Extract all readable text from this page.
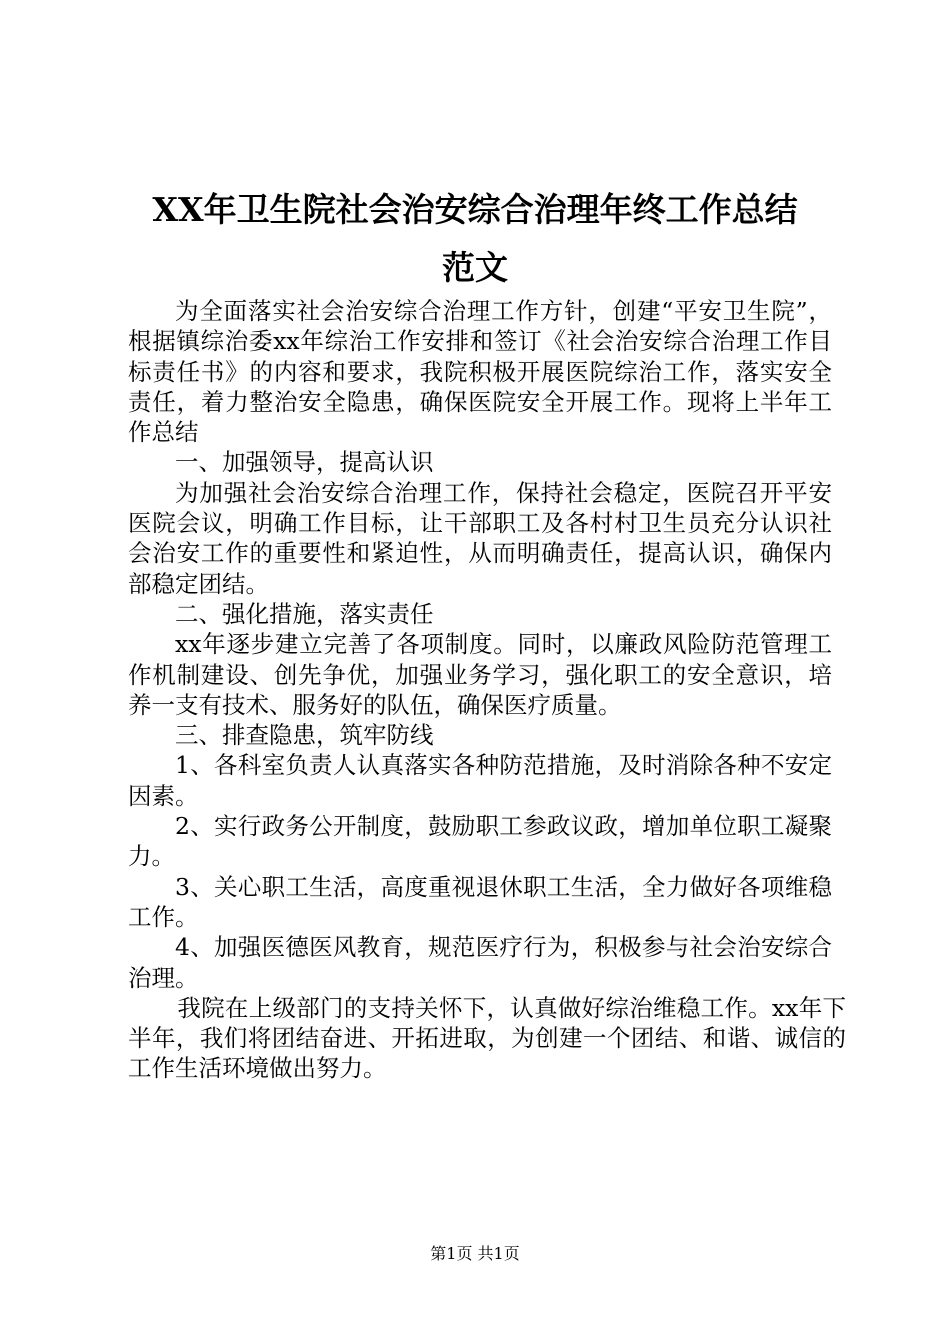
XX年卫生院社会治安综合治理年终工作总结
范文

为全面落实社会治安综合治理工作方针，创建“平安卫生院”，根据镇综治委xx年综治工作安排和签订《社会治安综合治理工作目标责任书》的内容和要求，我院积极开展医院综治工作，落实安全责任，着力整治安全隐患，确保医院安全开展工作。现将上半年工作总结

一、加强领导，提高认识

为加强社会治安综合治理工作，保持社会稳定，医院召开平安医院会议，明确工作目标，让干部职工及各村村卫生员充分认识社会治安工作的重要性和紧迫性，从而明确责任，提高认识，确保内部稳定团结。

二、强化措施，落实责任

xx年逐步建立完善了各项制度。同时，以廉政风险防范管理工作机制建设、创先争优，加强业务学习，强化职工的安全意识，培养一支有技术、服务好的队伍，确保医疗质量。

三、排查隐患，筑牢防线

1、各科室负责人认真落实各种防范措施，及时消除各种不安定因素。

2、实行政务公开制度，鼓励职工参政议政，增加单位职工凝聚力。

3、关心职工生活，高度重视退休职工生活，全力做好各项维稳工作。

4、加强医德医风教育，规范医疗行为，积极参与社会治安综合治理。

我院在上级部门的支持关怀下，认真做好综治维稳工作。xx年下半年，我们将团结奋进、开拓进取，为创建一个团结、和谐、诚信的工作生活环境做出努力。

第1页 共1页
